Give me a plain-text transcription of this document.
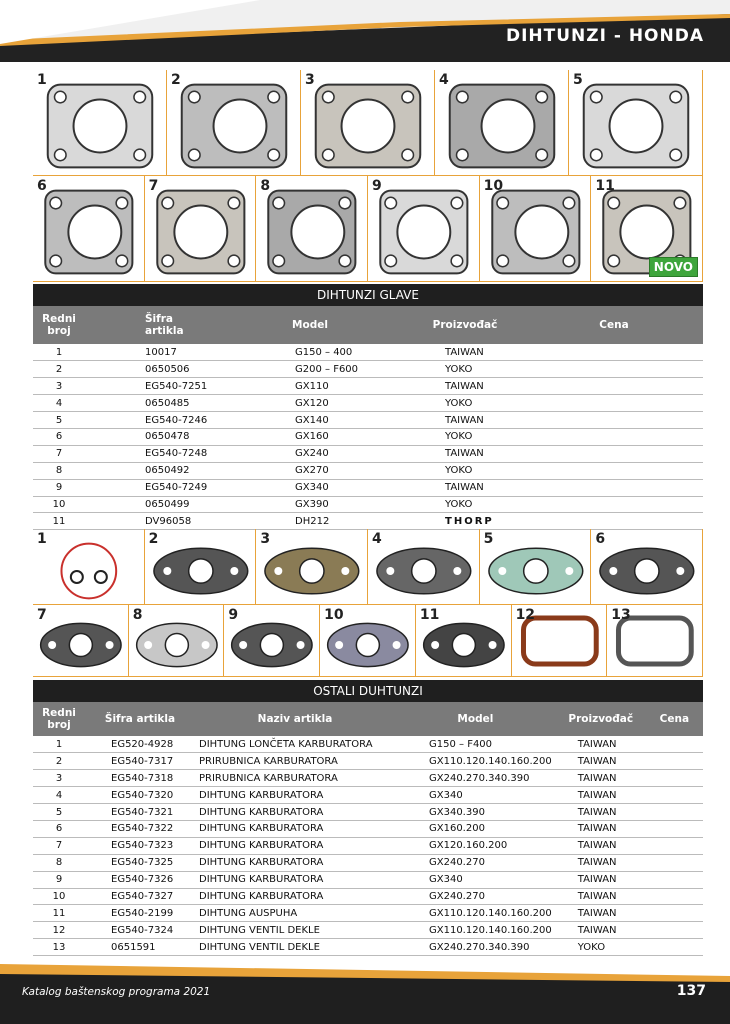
DIHTUNZI - HONDA
1	2	3	4	5
6	7	8	9	10	11
NOVO
DIHTUNZI GLAVE
Redni broj	Šifra artikla	Model	Proizvođač	Cena
1	10017	G150 – 400	TAIWAN	
2	0650506	G200 – F600	YOKO	
3	EG540-7251	GX110	TAIWAN	
4	0650485	GX120	YOKO	
5	EG540-7246	GX140	TAIWAN	
6	0650478	GX160	YOKO	
7	EG540-7248	GX240	TAIWAN	
8	0650492	GX270	YOKO	
9	EG540-7249	GX340	TAIWAN	
10	0650499	GX390	YOKO	
11	DV96058	DH212	THORP	
1	2	3	4	5	6
7	8	9	10	11	12	13
OSTALI DUHTUNZI
Redni broj	Šifra artikla	Naziv artikla	Model	Proizvođač	Cena
1	EG520-4928	DIHTUNG LONČETA KARBURATORA	G150 – F400	TAIWAN	
2	EG540-7317	PRIRUBNICA KARBURATORA	GX110.120.140.160.200	TAIWAN	
3	EG540-7318	PRIRUBNICA KARBURATORA	GX240.270.340.390	TAIWAN	
4	EG540-7320	DIHTUNG KARBURATORA	GX340	TAIWAN	
5	EG540-7321	DIHTUNG KARBURATORA	GX340.390	TAIWAN	
6	EG540-7322	DIHTUNG KARBURATORA	GX160.200	TAIWAN	
7	EG540-7323	DIHTUNG KARBURATORA	GX120.160.200	TAIWAN	
8	EG540-7325	DIHTUNG KARBURATORA	GX240.270	TAIWAN	
9	EG540-7326	DIHTUNG KARBURATORA	GX340	TAIWAN	
10	EG540-7327	DIHTUNG KARBURATORA	GX240.270	TAIWAN	
11	EG540-2199	DIHTUNG AUSPUHA	GX110.120.140.160.200	TAIWAN	
12	EG540-7324	DIHTUNG VENTIL DEKLE	GX110.120.140.160.200	TAIWAN	
13	0651591	DIHTUNG VENTIL DEKLE	GX240.270.340.390	YOKO	
Katalog baštenskog programa 2021	137
